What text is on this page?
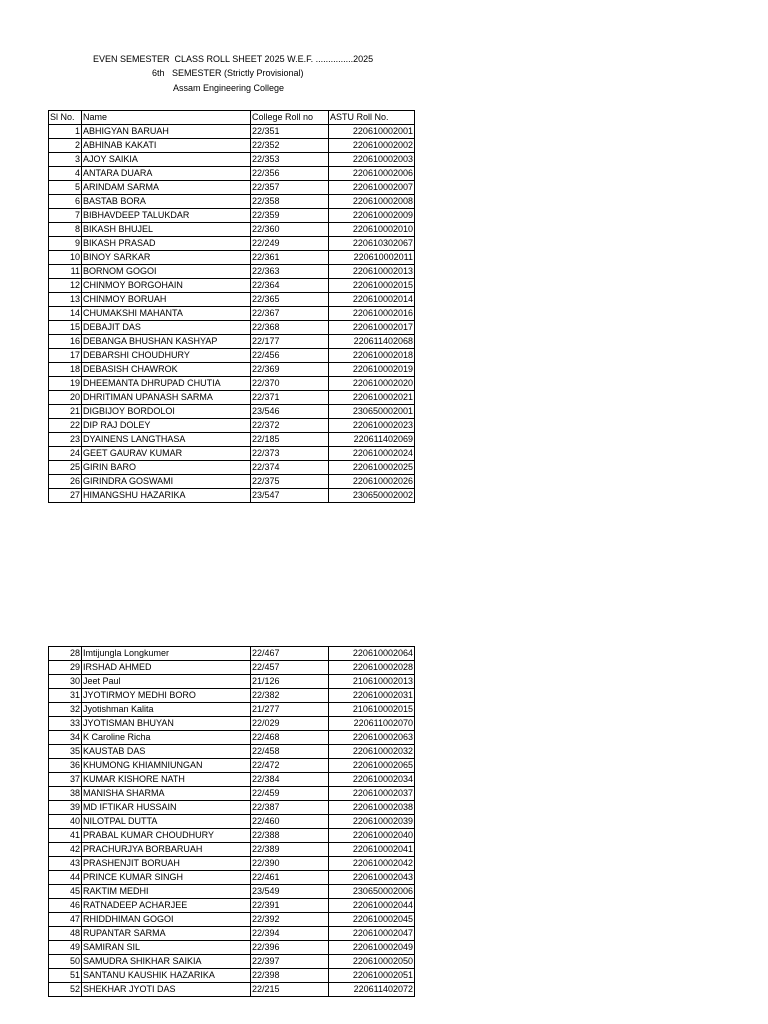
EVEN SEMESTER  CLASS ROLL SHEET 2025 W.E.F. ...............2025
6th   SEMESTER (Strictly Provisional)
Assam Engineering College
Sl No.	Name	College Roll no	ASTU Roll No.
1	ABHIGYAN BARUAH	22/351	220610002001
2	ABHINAB KAKATI	22/352	220610002002
3	AJOY SAIKIA	22/353	220610002003
4	ANTARA DUARA	22/356	220610002006
5	ARINDAM SARMA	22/357	220610002007
6	BASTAB BORA	22/358	220610002008
7	BIBHAVDEEP TALUKDAR	22/359	220610002009
8	BIKASH BHUJEL	22/360	220610002010
9	BIKASH PRASAD	22/249	220610302067
10	BINOY SARKAR	22/361	220610002011
11	BORNOM GOGOI	22/363	220610002013
12	CHINMOY BORGOHAIN	22/364	220610002015
13	CHINMOY BORUAH	22/365	220610002014
14	CHUMAKSHI MAHANTA	22/367	220610002016
15	DEBAJIT DAS	22/368	220610002017
16	DEBANGA BHUSHAN KASHYAP	22/177	220611402068
17	DEBARSHI CHOUDHURY	22/456	220610002018
18	DEBASISH CHAWROK	22/369	220610002019
19	DHEEMANTA DHRUPAD CHUTIA	22/370	220610002020
20	DHRITIMAN UPANASH SARMA	22/371	220610002021
21	DIGBIJOY BORDOLOI	23/546	230650002001
22	DIP RAJ DOLEY	22/372	220610002023
23	DYAINENS LANGTHASA	22/185	220611402069
24	GEET GAURAV KUMAR	22/373	220610002024
25	GIRIN BARO	22/374	220610002025
26	GIRINDRA GOSWAMI	22/375	220610002026
27	HIMANGSHU HAZARIKA	23/547	230650002002
28	Imtijungla Longkumer	22/467	220610002064
29	IRSHAD AHMED	22/457	220610002028
30	Jeet Paul	21/126	210610002013
31	JYOTIRMOY MEDHI BORO	22/382	220610002031
32	Jyotishman Kalita	21/277	210610002015
33	JYOTISMAN BHUYAN	22/029	220611002070
34	K Caroline Richa	22/468	220610002063
35	KAUSTAB DAS	22/458	220610002032
36	KHUMONG KHIAMNIUNGAN	22/472	220610002065
37	KUMAR KISHORE NATH	22/384	220610002034
38	MANISHA SHARMA	22/459	220610002037
39	MD IFTIKAR HUSSAIN	22/387	220610002038
40	NILOTPAL DUTTA	22/460	220610002039
41	PRABAL KUMAR CHOUDHURY	22/388	220610002040
42	PRACHURJYA BORBARUAH	22/389	220610002041
43	PRASHENJIT BORUAH	22/390	220610002042
44	PRINCE KUMAR SINGH	22/461	220610002043
45	RAKTIM MEDHI	23/549	230650002006
46	RATNADEEP ACHARJEE	22/391	220610002044
47	RHIDDHIMAN GOGOI	22/392	220610002045
48	RUPANTAR SARMA	22/394	220610002047
49	SAMIRAN SIL	22/396	220610002049
50	SAMUDRA SHIKHAR SAIKIA	22/397	220610002050
51	SANTANU KAUSHIK HAZARIKA	22/398	220610002051
52	SHEKHAR JYOTI DAS	22/215	220611402072
